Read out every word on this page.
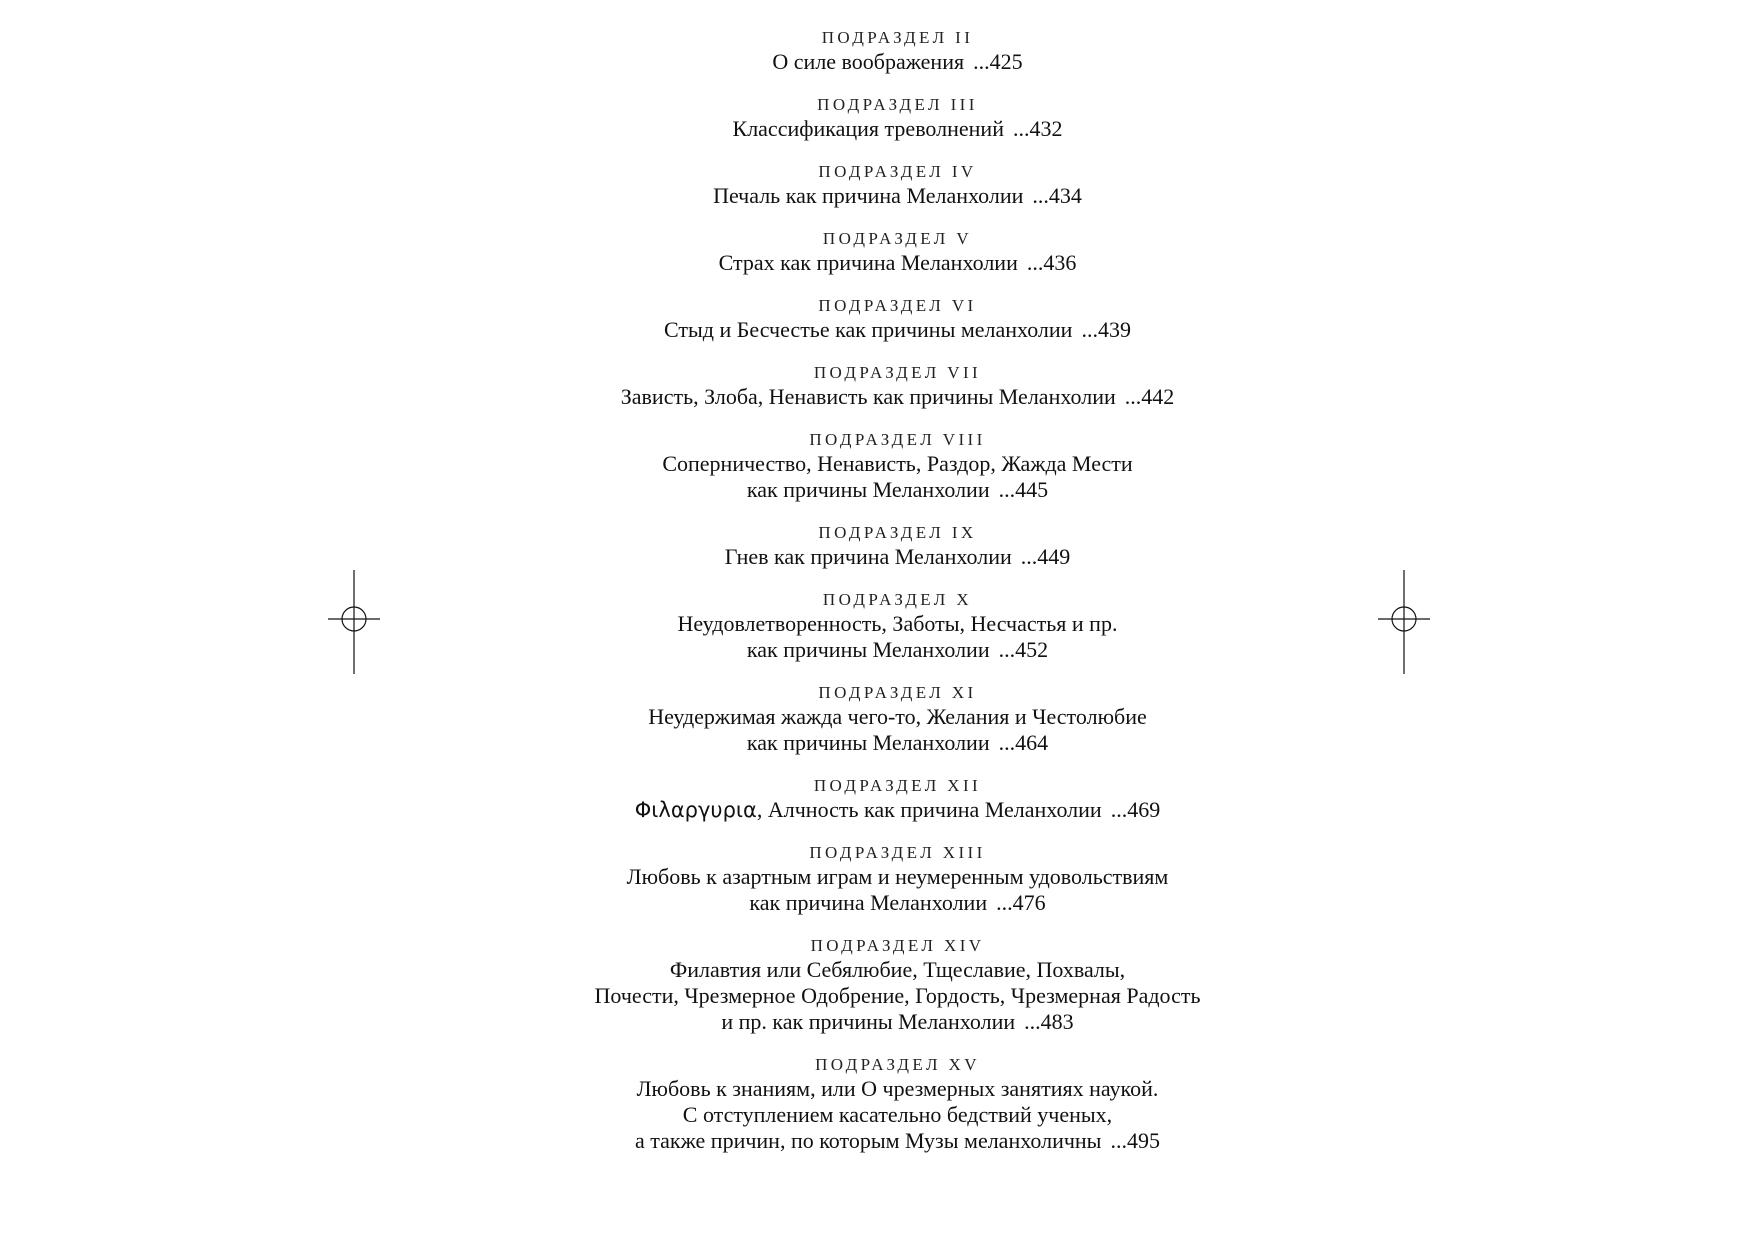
ПОДРАЗДЕЛ II
О силе воображения ...425
ПОДРАЗДЕЛ III
Классификация треволнений ...432
ПОДРАЗДЕЛ IV
Печаль как причина Меланхолии ...434
ПОДРАЗДЕЛ V
Страх как причина Меланхолии ...436
ПОДРАЗДЕЛ VI
Стыд и Бесчестье как причины меланхолии ...439
ПОДРАЗДЕЛ VII
Зависть, Злоба, Ненависть как причины Меланхолии ...442
ПОДРАЗДЕЛ VIII
Соперничество, Ненависть, Раздор, Жажда Мести
как причины Меланхолии ...445
ПОДРАЗДЕЛ IX
Гнев как причина Меланхолии ...449
ПОДРАЗДЕЛ X
Неудовлетворенность, Заботы, Несчастья и пр.
как причины Меланхолии ...452
ПОДРАЗДЕЛ XI
Неудержимая жажда чего-то, Желания и Честолюбие
как причины Меланхолии ...464
ПОДРАЗДЕЛ XII
Φιλαργυρια, Алчность как причина Меланхолии ...469
ПОДРАЗДЕЛ XIII
Любовь к азартным играм и неумеренным удовольствиям
как причина Меланхолии ...476
ПОДРАЗДЕЛ XIV
Филавтия или Себялюбие, Тщеславие, Похвалы,
Почести, Чрезмерное Одобрение, Гордость, Чрезмерная Радость
и пр. как причины Меланхолии ...483
ПОДРАЗДЕЛ XV
Любовь к знаниям, или О чрезмерных занятиях наукой.
С отступлением касательно бедствий ученых,
а также причин, по которым Музы меланхоличны ...495
